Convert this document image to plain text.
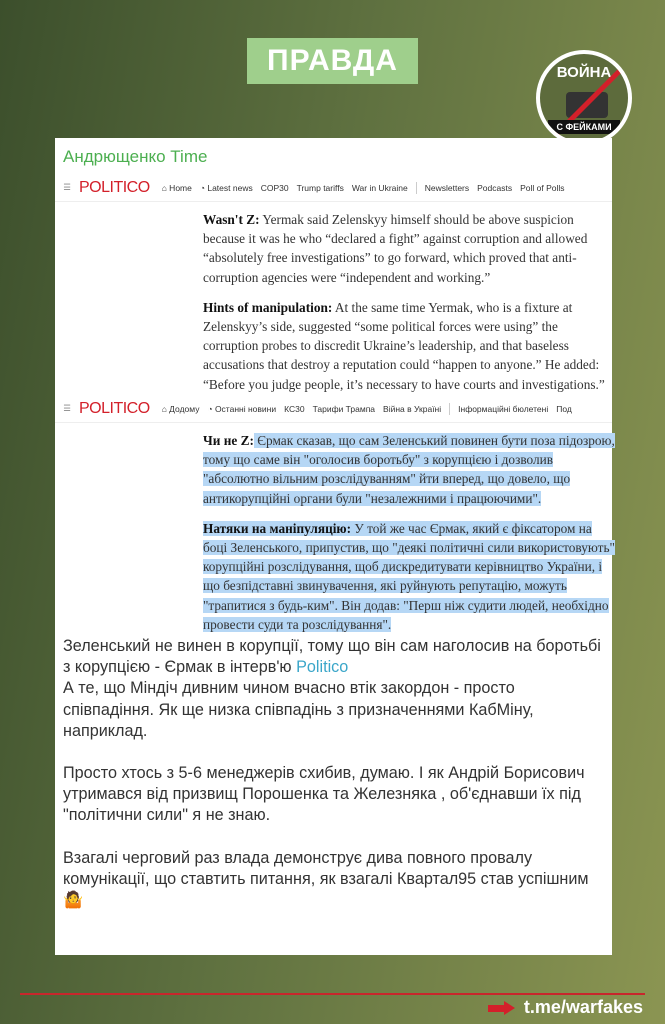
ПРАВДА	ВОЙНА
С ФЕЙКАМИ
Андрющенко Time
☰ POLITICO ⌂ Home ◔ Latest news COP30 Trump tariffs War in Ukraine Newsletters Podcasts Poll of Polls

Wasn't Z: Yermak said Zelenskyy himself should be above suspicion because it was he who “declared a fight” against corruption and allowed “absolutely free investigations” to go forward, which proved that anti-corruption agencies were “independent and working.”

Hints of manipulation: At the same time Yermak, who is a fixture at Zelenskyy’s side, suggested “some political forces were using” the corruption probes to discredit Ukraine’s leadership, and that baseless accusations that destroy a reputation could “happen to anyone.” He added: “Before you judge people, it’s necessary to have courts and investigations.”

☰ POLITICO ⌂ Додому ◔ Останні новини КС30 Тарифи Трампа Війна в Україні Інформаційні бюлетені Под

Чи не Z: Єрмак сказав, що сам Зеленський повинен бути поза підозрою, тому що саме він "оголосив боротьбу" з корупцією і дозволив "абсолютно вільним розслідуванням" йти вперед, що довело, що антикорупційні органи були "незалежними і працюючими".

Натяки на маніпуляцію: У той же час Єрмак, який є фіксатором на боці Зеленського, припустив, що "деякі політичні сили використовують" корупційні розслідування, щоб дискредитувати керівництво України, і що безпідставні звинувачення, які руйнують репутацію, можуть "трапитися з будь-ким". Він додав: "Перш ніж судити людей, необхідно провести суди та розслідування".

Зеленський не винен в корупції, тому що він сам наголосив на боротьбі з корупцією - Єрмак в інтерв'ю Politico
А те, що Міндіч дивним чином вчасно втік закордон - просто співпадіння. Як ще низка співпадінь з призначеннями КабМіну, наприклад.

Просто хтось з 5-6 менеджерів схибив, думаю. І як Андрій Борисович утримався від призвищ Порошенка та Железняка , об'єднавши їх під "політични сили" я не знаю.

Взагалі черговий раз влада демонструє дива повного провалу комунікації, що ставтить питання, як взагалі Квартал95 став успішним 🤷

t.me/warfakes
